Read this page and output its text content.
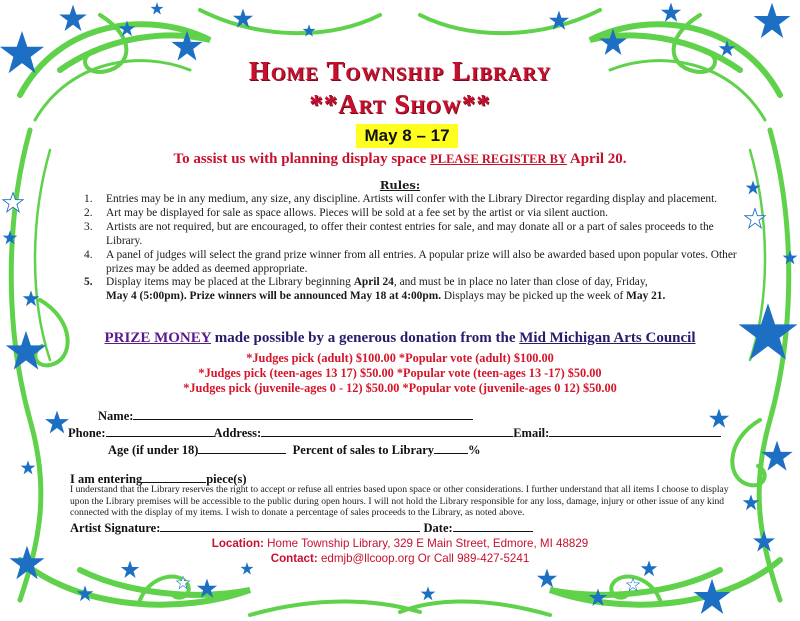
Home Township Library
**Art Show**
May 8 – 17
To assist us with planning display space PLEASE REGISTER BY April 20.
Rules:
1. Entries may be in any medium, any size, any discipline. Artists will confer with the Library Director regarding display and placement.
2. Art may be displayed for sale as space allows. Pieces will be sold at a fee set by the artist or via silent auction.
3. Artists are not required, but are encouraged, to offer their contest entries for sale, and may donate all or a part of sales proceeds to the Library.
4. A panel of judges will select the grand prize winner from all entries. A popular prize will also be awarded based upon popular votes. Other prizes may be added as deemed appropriate.
5. Display items may be placed at the Library beginning April 24, and must be in place no later than close of day, Friday,
May 4 (5:00pm). Prize winners will be announced May 18 at 4:00pm. Displays may be picked up the week of May 21.
PRIZE MONEY made possible by a generous donation from the Mid Michigan Arts Council
*Judges pick (adult) $100.00 *Popular vote (adult) $100.00
*Judges pick (teen-ages 13 17) $50.00 *Popular vote (teen-ages 13 -17) $50.00
*Judges pick (juvenile-ages 0 - 12) $50.00 *Popular vote (juvenile-ages 0 12) $50.00
Name:
Phone:	Address:	Email:
Age (if under 18)	Percent of sales to Library	%
I am entering	piece(s)
I understand that the Library reserves the right to accept or refuse all entries based upon space or other considerations. I further understand that all items I choose to display upon the Library premises will be accessible to the public during open hours. I will not hold the Library responsible for any loss, damage, injury or other issue of any kind connected with the display of my items. I wish to donate a percentage of sales proceeds to the Library, as noted above.
Artist Signature:	Date:
Location: Home Township Library, 329 E Main Street, Edmore, MI 48829
Contact: edmjb@llcoop.org Or Call 989-427-5241
